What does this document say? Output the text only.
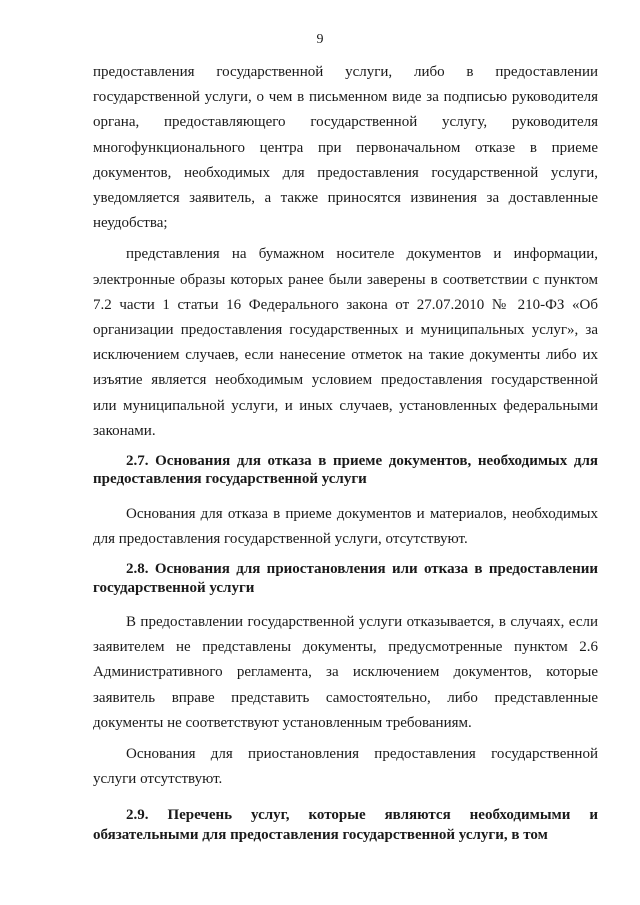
9

предоставления государственной услуги, либо в предоставлении государственной услуги, о чем в письменном виде за подписью руководителя органа, предоставляющего государственной услугу, руководителя многофункционального центра при первоначальном отказе в приеме документов, необходимых для предоставления государственной услуги, уведомляется заявитель, а также приносятся извинения за доставленные неудобства;

представления на бумажном носителе документов и информации, электронные образы которых ранее были заверены в соответствии с пунктом 7.2 части 1 статьи 16 Федерального закона от 27.07.2010 № 210-ФЗ «Об организации предоставления государственных и муниципальных услуг», за исключением случаев, если нанесение отметок на такие документы либо их изъятие является необходимым условием предоставления государственной или муниципальной услуги, и иных случаев, установленных федеральными законами.

2.7. Основания для отказа в приеме документов, необходимых для предоставления государственной услуги

Основания для отказа в приеме документов и материалов, необходимых для предоставления государственной услуги, отсутствуют.

2.8. Основания для приостановления или отказа в предоставлении государственной услуги

В предоставлении государственной услуги отказывается, в случаях, если заявителем не представлены документы, предусмотренные пунктом 2.6 Административного регламента, за исключением документов, которые заявитель вправе представить самостоятельно, либо представленные документы не соответствуют установленным требованиям.

Основания для приостановления предоставления государственной услуги отсутствуют.

2.9. Перечень услуг, которые являются необходимыми и обязательными для предоставления государственной услуги, в том
